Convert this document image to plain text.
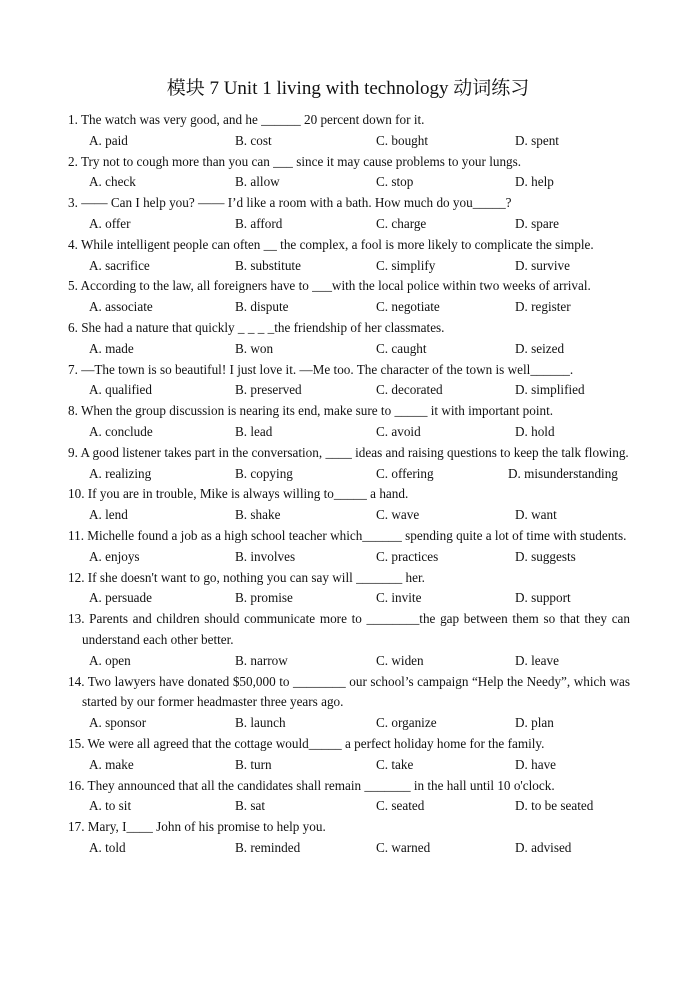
模块 7 Unit 1 living with technology 动词练习
1. The watch was very good, and he ______ 20 percent down for it.
A. paid	B. cost	C. bought	D. spent
2. Try not to cough more than you can ___ since it may cause problems to your lungs.
A. check	B. allow	C. stop	D. help
3. —— Can I help you? —— I’d like a room with a bath. How much do you_____?
A. offer	B. afford	C. charge	D. spare
4. While intelligent people can often __ the complex, a fool is more likely to complicate the simple.
A. sacrifice	B. substitute	C. simplify	D. survive
5. According to the law, all foreigners have to ___with the local police within two weeks of arrival.
A. associate	B. dispute	C. negotiate	D. register
6. She had a nature that quickly _ _ _ _the friendship of her classmates.
A. made	B. won	C. caught	D. seized
7. —The town is so beautiful! I just love it. —Me too. The character of the town is well______.
A. qualified	B. preserved	C. decorated	D. simplified
8. When the group discussion is nearing its end, make sure to _____ it with important point.
A. conclude	B. lead	C. avoid	D. hold
9. A good listener takes part in the conversation, ____ ideas and raising questions to keep the talk flowing.
A. realizing	B. copying	C. offering	D. misunderstanding
10. If you are in trouble, Mike is always willing to_____ a hand.
A. lend	B. shake	C. wave	D. want
11. Michelle found a job as a high school teacher which______ spending quite a lot of time with students.
A. enjoys	B. involves	C. practices	D. suggests
12. If she doesn't want to go, nothing you can say will _______ her.
A. persuade	B. promise	C. invite	D. support
13. Parents and children should communicate more to ________the gap between them so that they can understand each other better.
A. open	B. narrow	C. widen	D. leave
14. Two lawyers have donated $50,000 to ________ our school’s campaign “Help the Needy”, which was started by our former headmaster three years ago.
A. sponsor	B. launch	C. organize	D. plan
15. We were all agreed that the cottage would_____ a perfect holiday home for the family.
A. make	B. turn	C. take	D. have
16. They announced that all the candidates shall remain _______ in the hall until 10 o'clock.
A. to sit	B. sat	C. seated	D. to be seated
17. Mary, I____ John of his promise to help you.
A. told	B. reminded	C. warned	D. advised
